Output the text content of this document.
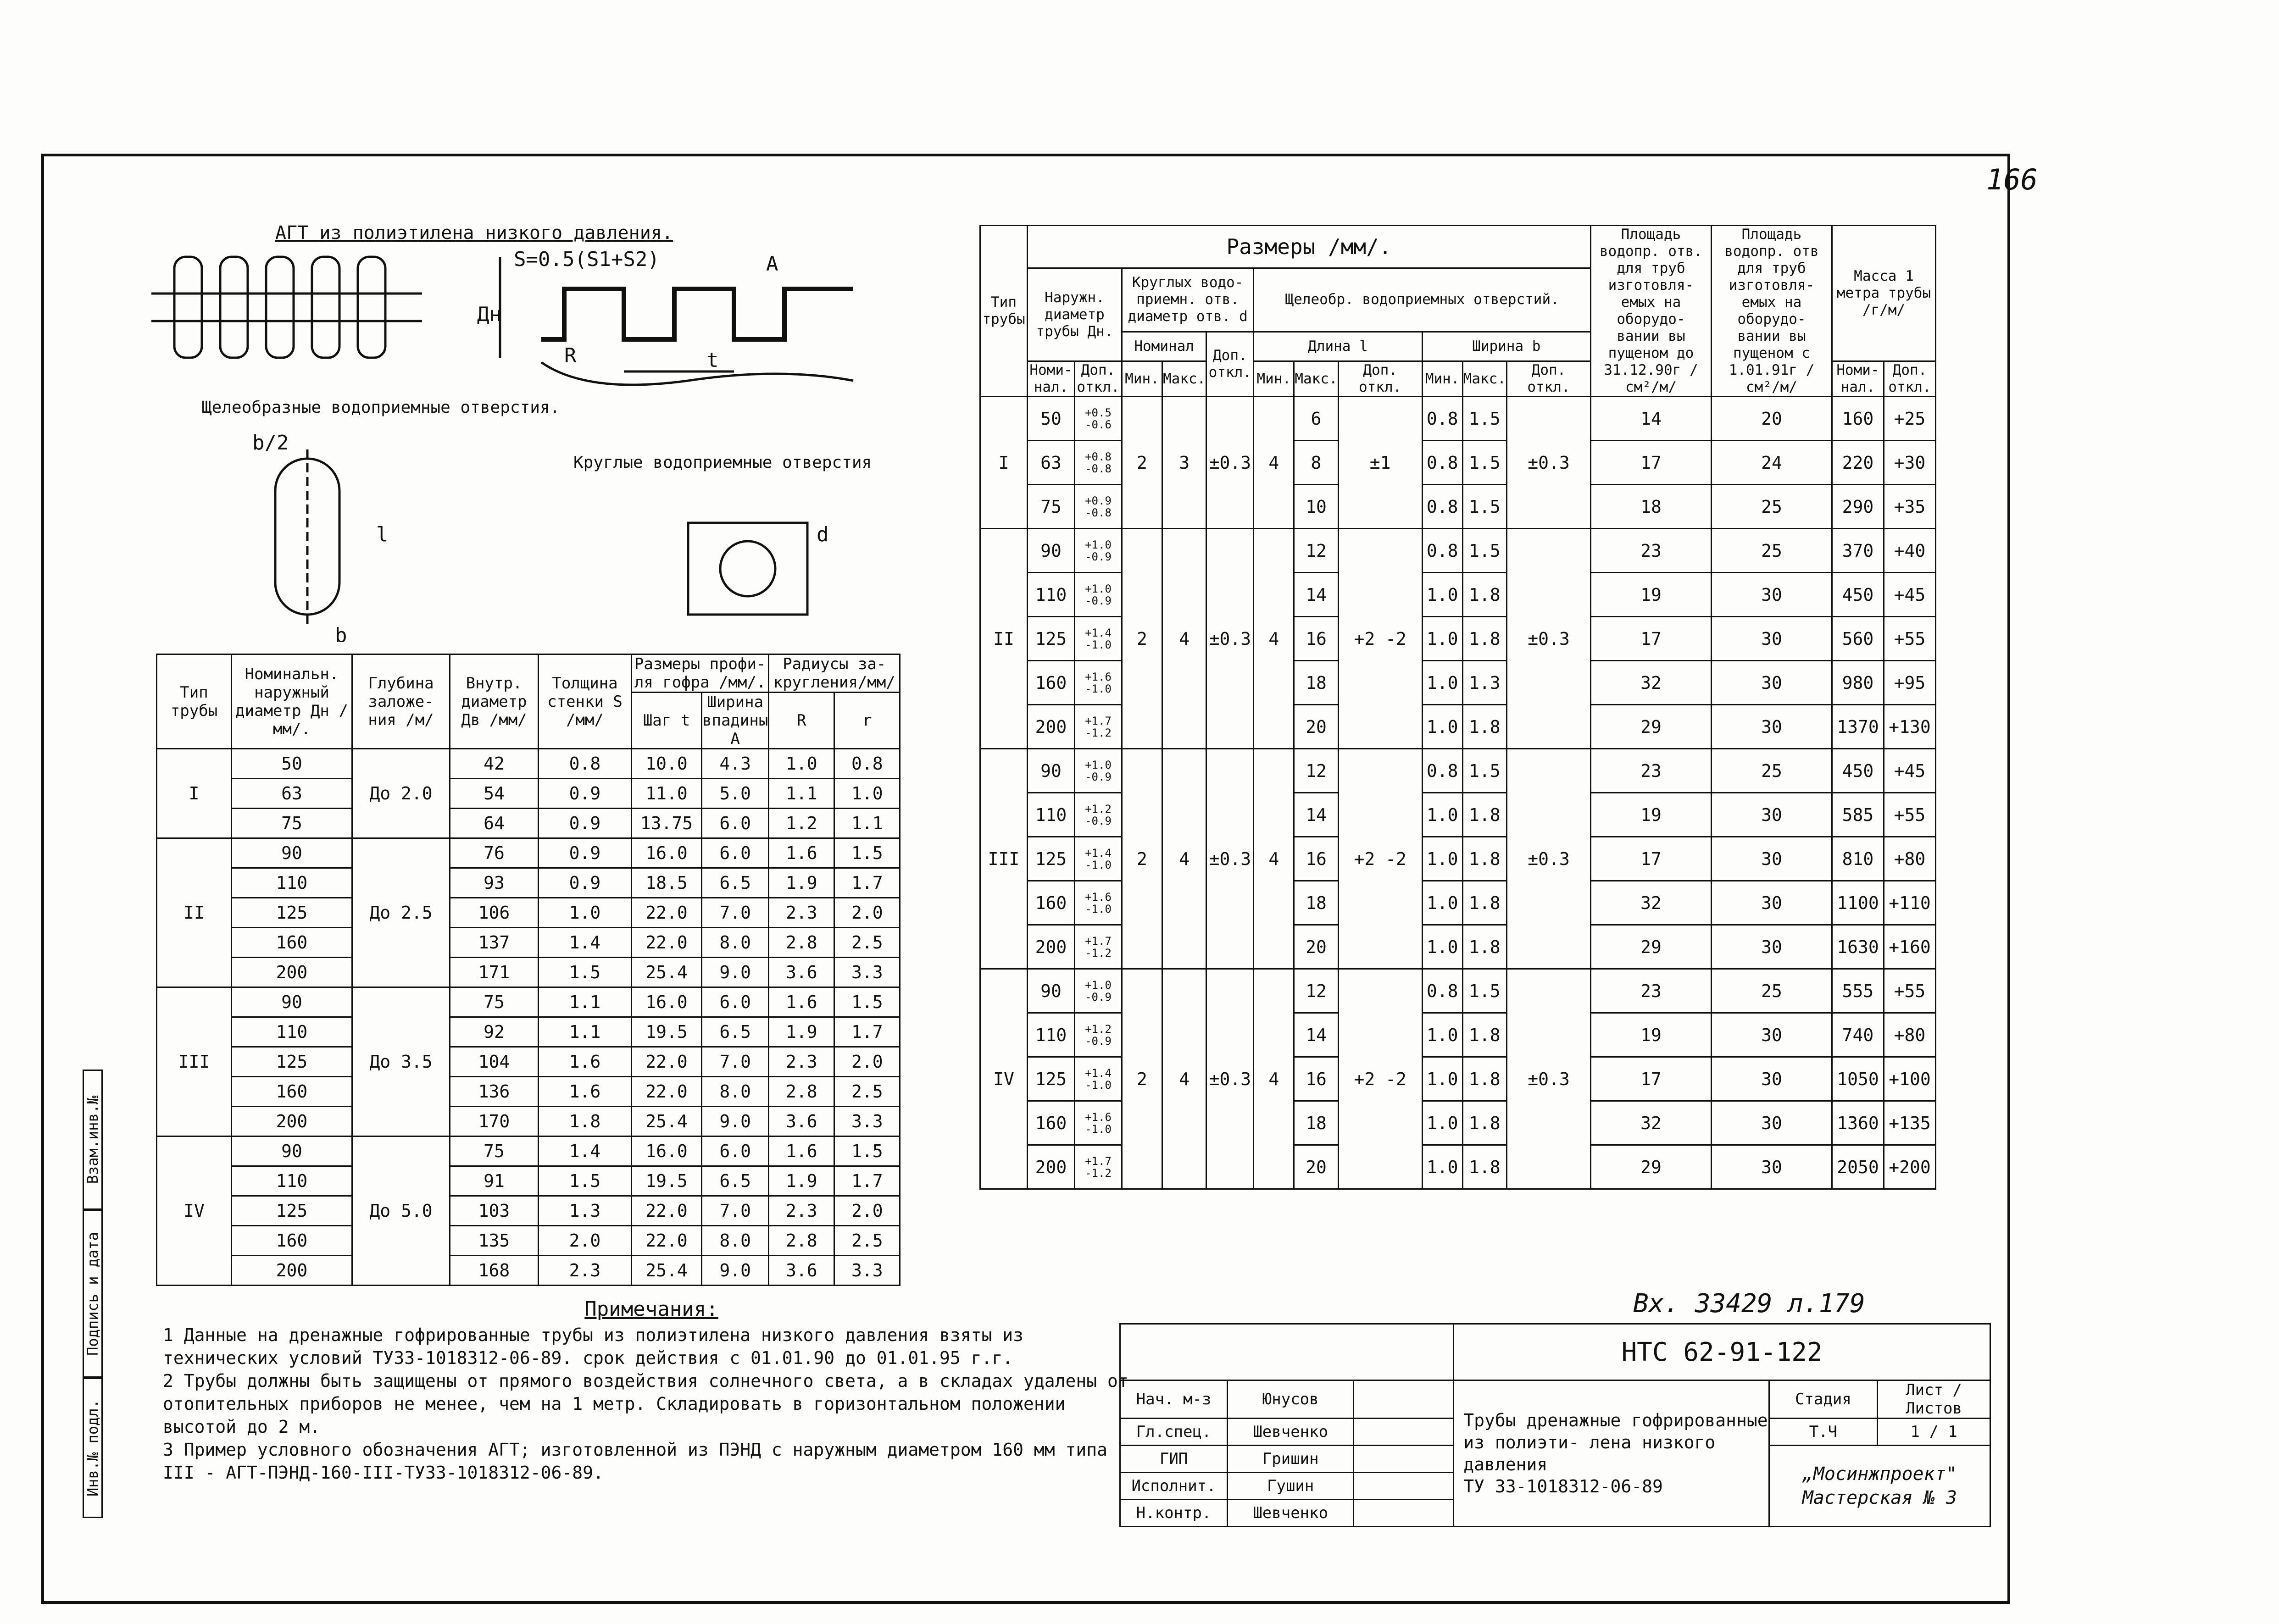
166
АГТ из полиэтилена низкого давления.
S=0.5(S1+S2)
R	t
A
Дн
b/2
l
b
d
Щелеобразные водоприемные отверстия.
Круглые водоприемные отверстия
Тип трубы	Номинальн. наружный диаметр Дн /мм/.	Глубина заложе- ния /м/	Внутр. диаметр Дв /мм/	Толщина стенки S /мм/	Размеры профи- ля гофра /мм/.		Радиусы за- кругления/мм/	
					Шаг t	Ширина впадины A	R	r
I	50	До 2.0	42	0.8	10.0	4.3	1.0	0.8
	63		54	0.9	11.0	5.0	1.1	1.0
	75		64	0.9	13.75	6.0	1.2	1.1
II	90	До 2.5	76	0.9	16.0	6.0	1.6	1.5
	110		93	0.9	18.5	6.5	1.9	1.7
	125		106	1.0	22.0	7.0	2.3	2.0
	160		137	1.4	22.0	8.0	2.8	2.5
	200		171	1.5	25.4	9.0	3.6	3.3
III	90	До 3.5	75	1.1	16.0	6.0	1.6	1.5
	110		92	1.1	19.5	6.5	1.9	1.7
	125		104	1.6	22.0	7.0	2.3	2.0
	160		136	1.6	22.0	8.0	2.8	2.5
	200		170	1.8	25.4	9.0	3.6	3.3
IV	90	До 5.0	75	1.4	16.0	6.0	1.6	1.5
	110		91	1.5	19.5	6.5	1.9	1.7
	125		103	1.3	22.0	7.0	2.3	2.0
	160		135	2.0	22.0	8.0	2.8	2.5
	200		168	2.3	25.4	9.0	3.6	3.3
Тип трубы	Размеры /мм/.											Площадь водопр. отв. для труб изготовля- емых на оборудо- вании вы пущеном до 31.12.90г /см²/м/	Площадь водопр. отв для труб изготовля- емых на оборудо- вании вы пущеном с 1.01.91г /см²/м/	Масса 1 метра трубы /г/м/	
	Наружн. диаметр трубы Дн.		Круглых водо- приемн. отв. диаметр отв. d			Щелеобр. водоприемных отверстий.									
			Номинал		Доп. откл.	Длина l			Ширина b						
	Номи- нал.	Доп. откл.	Мин.	Макс.		Мин.	Макс.	Доп. откл.	Мин.	Макс.	Доп. откл.			Номи- нал.	Доп. откл.
I	50	+0.5 -0.6	2	3	±0.3	4	6	±1	0.8	1.5	±0.3	14	20	160	+25
	63	+0.8 -0.8					8		0.8	1.5		17	24	220	+30
	75	+0.9 -0.8					10		0.8	1.5		18	25	290	+35
II	90	+1.0 -0.9	2	4	±0.3	4	12	+2 -2	0.8	1.5	±0.3	23	25	370	+40
	110	+1.0 -0.9					14		1.0	1.8		19	30	450	+45
	125	+1.4 -1.0					16		1.0	1.8		17	30	560	+55
	160	+1.6 -1.0					18		1.0	1.3		32	30	980	+95
	200	+1.7 -1.2					20		1.0	1.8		29	30	1370	+130
III	90	+1.0 -0.9	2	4	±0.3	4	12	+2 -2	0.8	1.5	±0.3	23	25	450	+45
	110	+1.2 -0.9					14		1.0	1.8		19	30	585	+55
	125	+1.4 -1.0					16		1.0	1.8		17	30	810	+80
	160	+1.6 -1.0					18		1.0	1.8		32	30	1100	+110
	200	+1.7 -1.2					20		1.0	1.8		29	30	1630	+160
IV	90	+1.0 -0.9	2	4	±0.3	4	12	+2 -2	0.8	1.5	±0.3	23	25	555	+55
	110	+1.2 -0.9					14		1.0	1.8		19	30	740	+80
	125	+1.4 -1.0					16		1.0	1.8		17	30	1050	+100
	160	+1.6 -1.0					18		1.0	1.8		32	30	1360	+135
	200	+1.7 -1.2					20		1.0	1.8		29	30	2050	+200
Вх. 33429 л.179
Примечания:

1 Данные на дренажные гофрированные трубы из полиэтилена низкого давления взяты из технических условий ТУ33-1018312-06-89. срок действия с 01.01.90 до 01.01.95 г.г.

2 Трубы должны быть защищены от прямого воздействия солнечного света, а в складах удалены от отопительных приборов не менее, чем на 1 метр. Складировать в горизонтальном положении высотой до 2 м.

3 Пример условного обозначения АГТ; изготовленной из ПЭНД с наружным диаметром 160 мм типа III - АГТ-ПЭНД-160-III-ТУ33-1018312-06-89.

			НТС 62-91-122		
Нач. м-з	Юнусов		Трубы дренажные гофрированные из полиэти- лена низкого давления
ТУ 33-1018312-06-89	Стадия	Лист / Листов
Гл.спец.	Шевченко			Т.Ч	1 / 1
ГИП	Гришин			„Мосинжпроект"
Мастерская № 3	

Исполнит.	Гушин				
Н.контр.	Шевченко				
Инв.№ подл.Подпись и датаВзам.инв.№
